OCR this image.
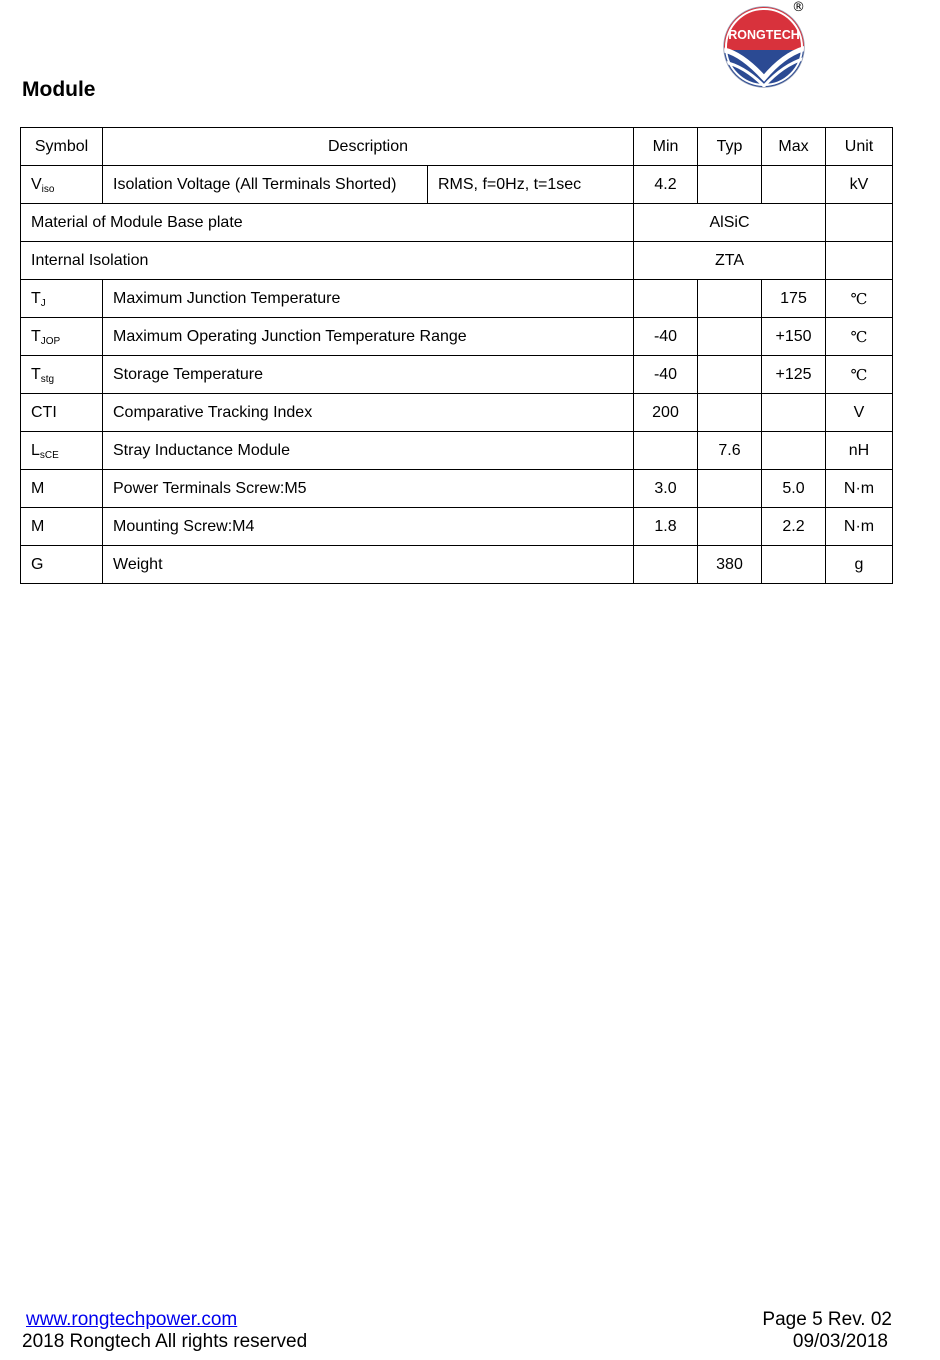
RONGTECH
®
Module
Symbol	Description		Min	Typ	Max	Unit
$V_{iso}$	Isolation Voltage (All Terminals Shorted)	RMS, f=0Hz, t=1sec	4.2			kV
Material of Module Base plate			AlSiC			
Internal Isolation			ZTA			
$T_J$	Maximum Junction Temperature				175	℃
$T_{JOP}$	Maximum Operating Junction Temperature Range		-40		+150	℃
$T_{stg}$	Storage Temperature		-40		+125	℃
CTI	Comparative Tracking Index		200			V
$L_{sCE}$	Stray Inductance Module			7.6		nH
M	Power Terminals Screw:M5		3.0		5.0	N·m
M	Mounting Screw:M4		1.8		2.2	N·m
G	Weight			380		g
www.rongtechpower.com
2018 Rongtech All rights reserved
Page 5 Rev. 02
09/03/2018
